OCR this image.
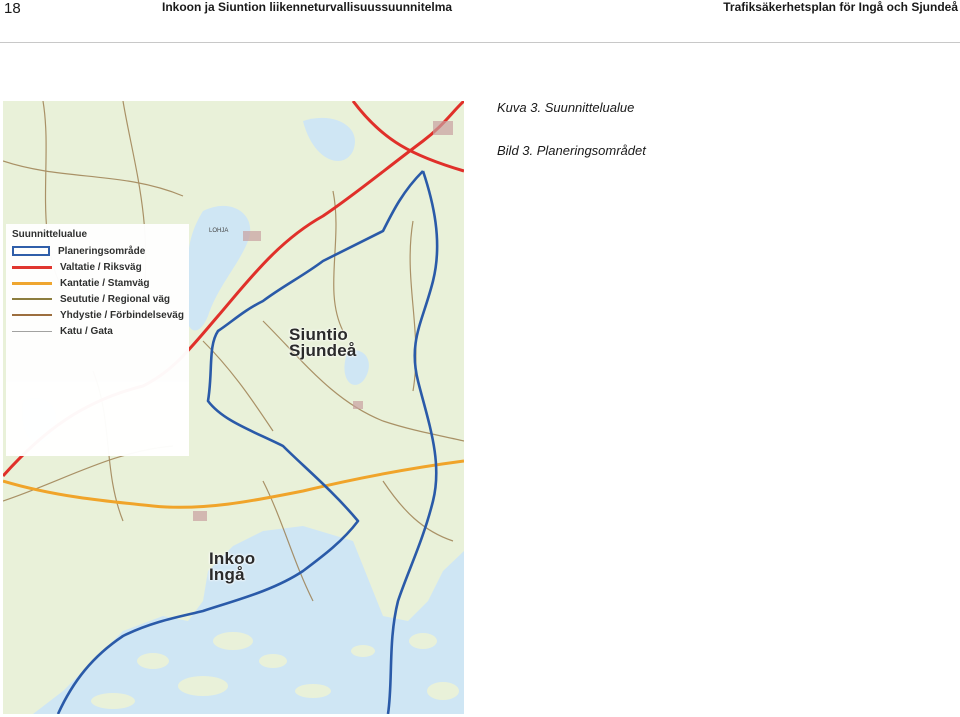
18	Inkoon ja Siuntion liikenneturvallisuussuunnitelma	Trafiksäkerhetsplan för Ingå och Sjundeå
LOHJA
Siuntio
Sjundeå
Inkoo
Ingå
Suunnittelualue
Planeringsområde
Valtatie / Riksväg
Kantatie / Stamväg
Seututie / Regional väg
Yhdystie / Förbindelseväg
Katu / Gata
Kuva 3. Suunnittelualue
Bild 3. Planeringsområdet
